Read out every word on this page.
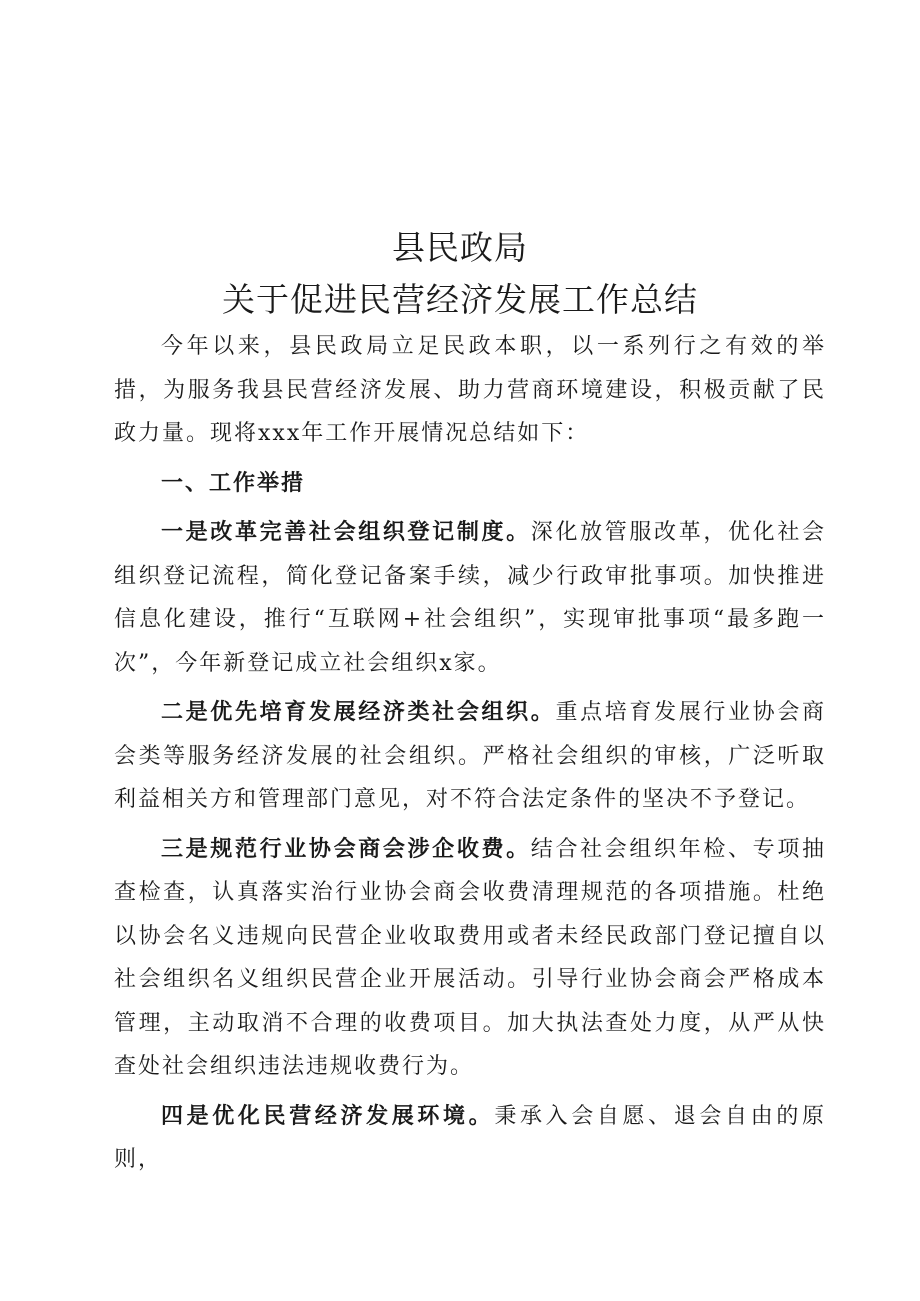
县民政局

关于促进民营经济发展工作总结

今年以来，县民政局立足民政本职，以一系列行之有效的举措，为服务我县民营经济发展、助力营商环境建设，积极贡献了民政力量。现将xxx年工作开展情况总结如下：

一、工作举措

一是改革完善社会组织登记制度。深化放管服改革，优化社会组织登记流程，简化登记备案手续，减少行政审批事项。加快推进信息化建设，推行“互联网+社会组织”，实现审批事项“最多跑一次”，今年新登记成立社会组织x家。

二是优先培育发展经济类社会组织。重点培育发展行业协会商会类等服务经济发展的社会组织。严格社会组织的审核，广泛听取利益相关方和管理部门意见，对不符合法定条件的坚决不予登记。

三是规范行业协会商会涉企收费。结合社会组织年检、专项抽查检查，认真落实治行业协会商会收费清理规范的各项措施。杜绝以协会名义违规向民营企业收取费用或者未经民政部门登记擅自以社会组织名义组织民营企业开展活动。引导行业协会商会严格成本管理，主动取消不合理的收费项目。加大执法查处力度，从严从快查处社会组织违法违规收费行为。

四是优化民营经济发展环境。秉承入会自愿、退会自由的原则，
